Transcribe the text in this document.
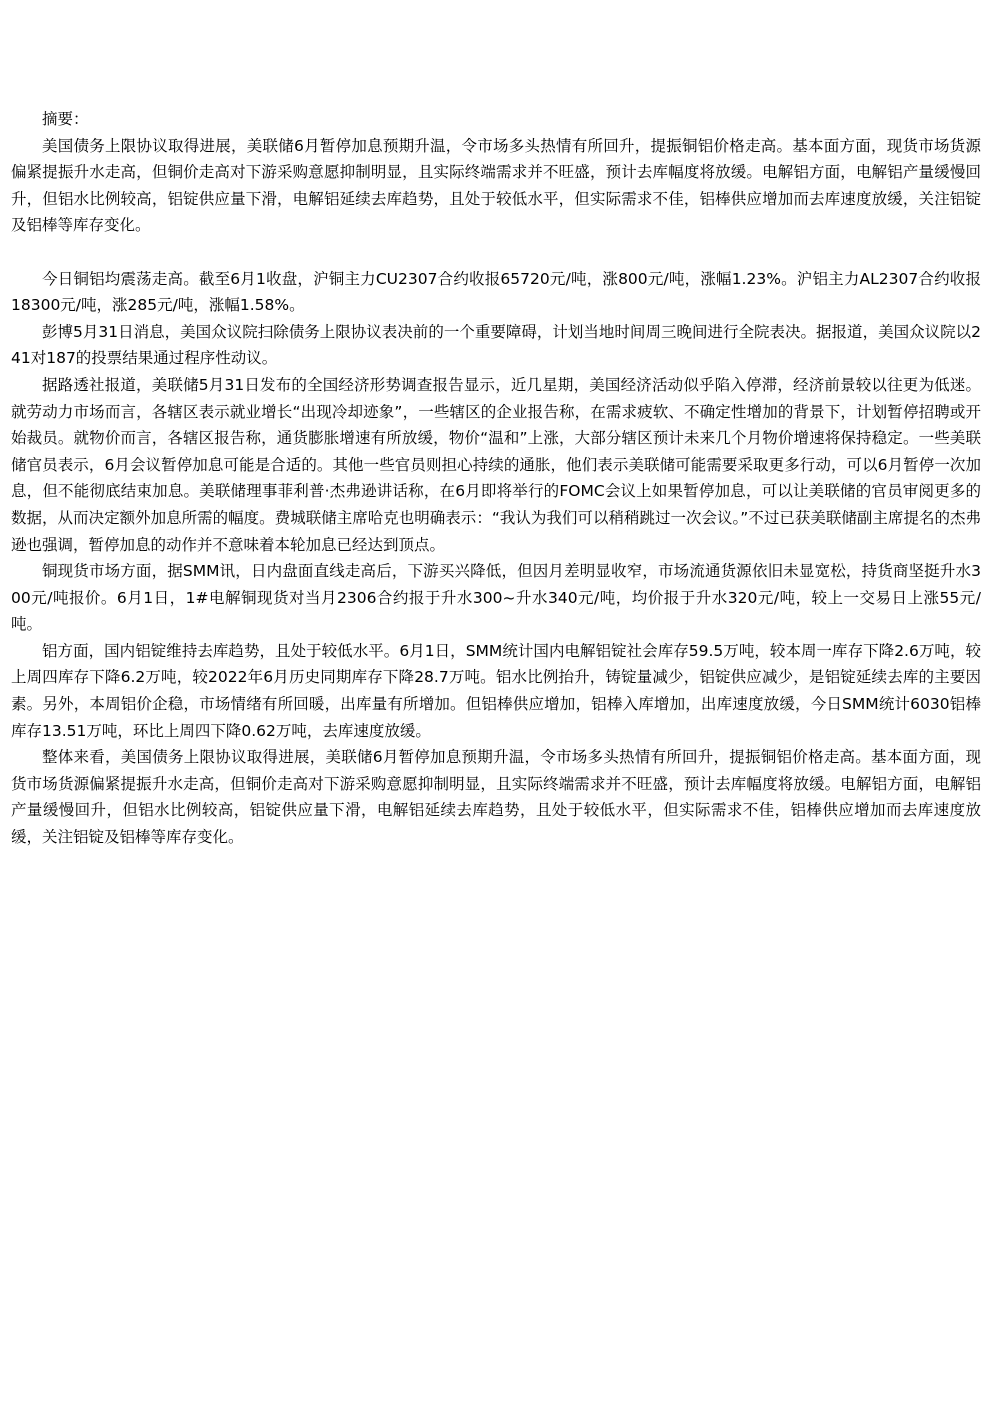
摘要：

美国债务上限协议取得进展，美联储6月暂停加息预期升温，令市场多头热情有所回升，提振铜铝价格走高。基本面方面，现货市场货源偏紧提振升水走高，但铜价走高对下游采购意愿抑制明显，且实际终端需求并不旺盛，预计去库幅度将放缓。电解铝方面，电解铝产量缓慢回升，但铝水比例较高，铝锭供应量下滑，电解铝延续去库趋势，且处于较低水平，但实际需求不佳，铝棒供应增加而去库速度放缓，关注铝锭及铝棒等库存变化。

今日铜铝均震荡走高。截至6月1收盘，沪铜主力CU2307合约收报65720元/吨，涨800元/吨，涨幅1.23%。沪铝主力AL2307合约收报18300元/吨，涨285元/吨，涨幅1.58%。

彭博5月31日消息，美国众议院扫除债务上限协议表决前的一个重要障碍，计划当地时间周三晚间进行全院表决。据报道，美国众议院以241对187的投票结果通过程序性动议。

据路透社报道，美联储5月31日发布的全国经济形势调查报告显示，近几星期，美国经济活动似乎陷入停滞，经济前景较以往更为低迷。就劳动力市场而言，各辖区表示就业增长“出现冷却迹象”，一些辖区的企业报告称，在需求疲软、不确定性增加的背景下，计划暂停招聘或开始裁员。就物价而言，各辖区报告称，通货膨胀增速有所放缓，物价“温和”上涨，大部分辖区预计未来几个月物价增速将保持稳定。一些美联储官员表示，6月会议暂停加息可能是合适的。其他一些官员则担心持续的通胀，他们表示美联储可能需要采取更多行动，可以6月暂停一次加息，但不能彻底结束加息。美联储理事菲利普·杰弗逊讲话称，在6月即将举行的FOMC会议上如果暂停加息，可以让美联储的官员审阅更多的数据，从而决定额外加息所需的幅度。费城联储主席哈克也明确表示：“我认为我们可以稍稍跳过一次会议。”不过已获美联储副主席提名的杰弗逊也强调，暂停加息的动作并不意味着本轮加息已经达到顶点。

铜现货市场方面，据SMM讯，日内盘面直线走高后，下游买兴降低，但因月差明显收窄，市场流通货源依旧未显宽松，持货商坚挺升水300元/吨报价。6月1日，1#电解铜现货对当月2306合约报于升水300~升水340元/吨，均价报于升水320元/吨，较上一交易日上涨55元/吨。

铝方面，国内铝锭维持去库趋势，且处于较低水平。6月1日，SMM统计国内电解铝锭社会库存59.5万吨，较本周一库存下降2.6万吨，较上周四库存下降6.2万吨，较2022年6月历史同期库存下降28.7万吨。铝水比例抬升，铸锭量减少，铝锭供应减少，是铝锭延续去库的主要因素。另外，本周铝价企稳，市场情绪有所回暖，出库量有所增加。但铝棒供应增加，铝棒入库增加，出库速度放缓，今日SMM统计6030铝棒库存13.51万吨，环比上周四下降0.62万吨，去库速度放缓。

整体来看，美国债务上限协议取得进展，美联储6月暂停加息预期升温，令市场多头热情有所回升，提振铜铝价格走高。基本面方面，现货市场货源偏紧提振升水走高，但铜价走高对下游采购意愿抑制明显，且实际终端需求并不旺盛，预计去库幅度将放缓。电解铝方面，电解铝产量缓慢回升，但铝水比例较高，铝锭供应量下滑，电解铝延续去库趋势，且处于较低水平，但实际需求不佳，铝棒供应增加而去库速度放缓，关注铝锭及铝棒等库存变化。
